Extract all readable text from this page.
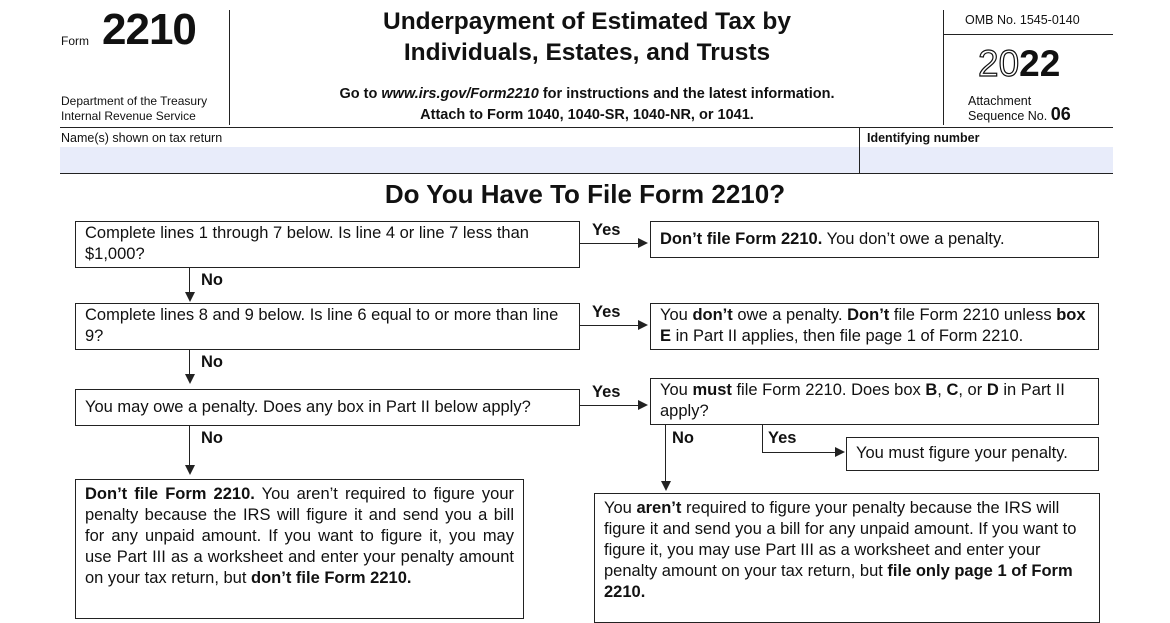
Form 2210
Department of the Treasury
Internal Revenue Service
Underpayment of Estimated Tax by
Individuals, Estates, and Trusts
Go to www.irs.gov/Form2210 for instructions and the latest information.
Attach to Form 1040, 1040-SR, 1040-NR, or 1041.
OMB No. 1545-0140
2022
Attachment
Sequence No. 06
Name(s) shown on tax return	Identifying number
Do You Have To File Form 2210?
Complete lines 1 through 7 below. Is line 4 or line 7 less than $1,000?
Yes	Don’t file Form 2210. You don’t owe a penalty.
No
Complete lines 8 and 9 below. Is line 6 equal to or more than line 9?
Yes	You don’t owe a penalty. Don’t file Form 2210 unless box E in Part II applies, then file page 1 of Form 2210.
No
You may owe a penalty. Does any box in Part II below apply?
Yes	You must file Form 2210. Does box B, C, or D in Part II apply?
No	No	Yes
You must figure your penalty.
Don’t file Form 2210. You aren’t required to figure your penalty because the IRS will figure it and send you a bill for any unpaid amount. If you want to figure it, you may use Part III as a worksheet and enter your penalty amount on your tax return, but don’t file Form 2210.
You aren’t required to figure your penalty because the IRS will figure it and send you a bill for any unpaid amount. If you want to figure it, you may use Part III as a worksheet and enter your penalty amount on your tax return, but file only page 1 of Form 2210.
